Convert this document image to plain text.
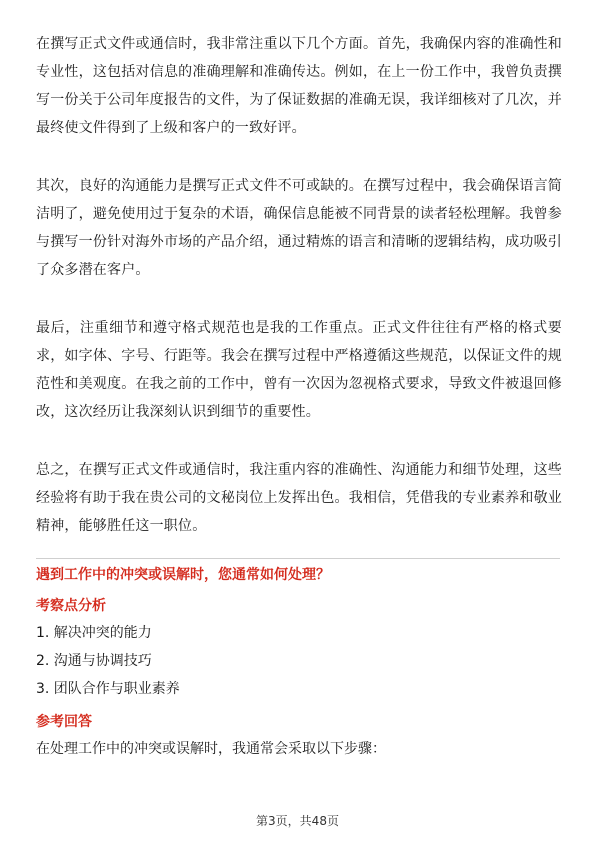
在撰写正式文件或通信时，我非常注重以下几个方面。首先，我确保内容的准确性和专业性，这包括对信息的准确理解和准确传达。例如，在上一份工作中，我曾负责撰写一份关于公司年度报告的文件，为了保证数据的准确无误，我详细核对了几次，并最终使文件得到了上级和客户的一致好评。

其次，良好的沟通能力是撰写正式文件不可或缺的。在撰写过程中，我会确保语言简洁明了，避免使用过于复杂的术语，确保信息能被不同背景的读者轻松理解。我曾参与撰写一份针对海外市场的产品介绍，通过精炼的语言和清晰的逻辑结构，成功吸引了众多潜在客户。

最后，注重细节和遵守格式规范也是我的工作重点。正式文件往往有严格的格式要求，如字体、字号、行距等。我会在撰写过程中严格遵循这些规范，以保证文件的规范性和美观度。在我之前的工作中，曾有一次因为忽视格式要求，导致文件被退回修改，这次经历让我深刻认识到细节的重要性。

总之，在撰写正式文件或通信时，我注重内容的准确性、沟通能力和细节处理，这些经验将有助于我在贵公司的文秘岗位上发挥出色。我相信，凭借我的专业素养和敬业精神，能够胜任这一职位。

遇到工作中的冲突或误解时，您通常如何处理？
考察点分析

1. 解决冲突的能力

2. 沟通与协调技巧

3. 团队合作与职业素养

参考回答

在处理工作中的冲突或误解时，我通常会采取以下步骤：

第3页，共48页
